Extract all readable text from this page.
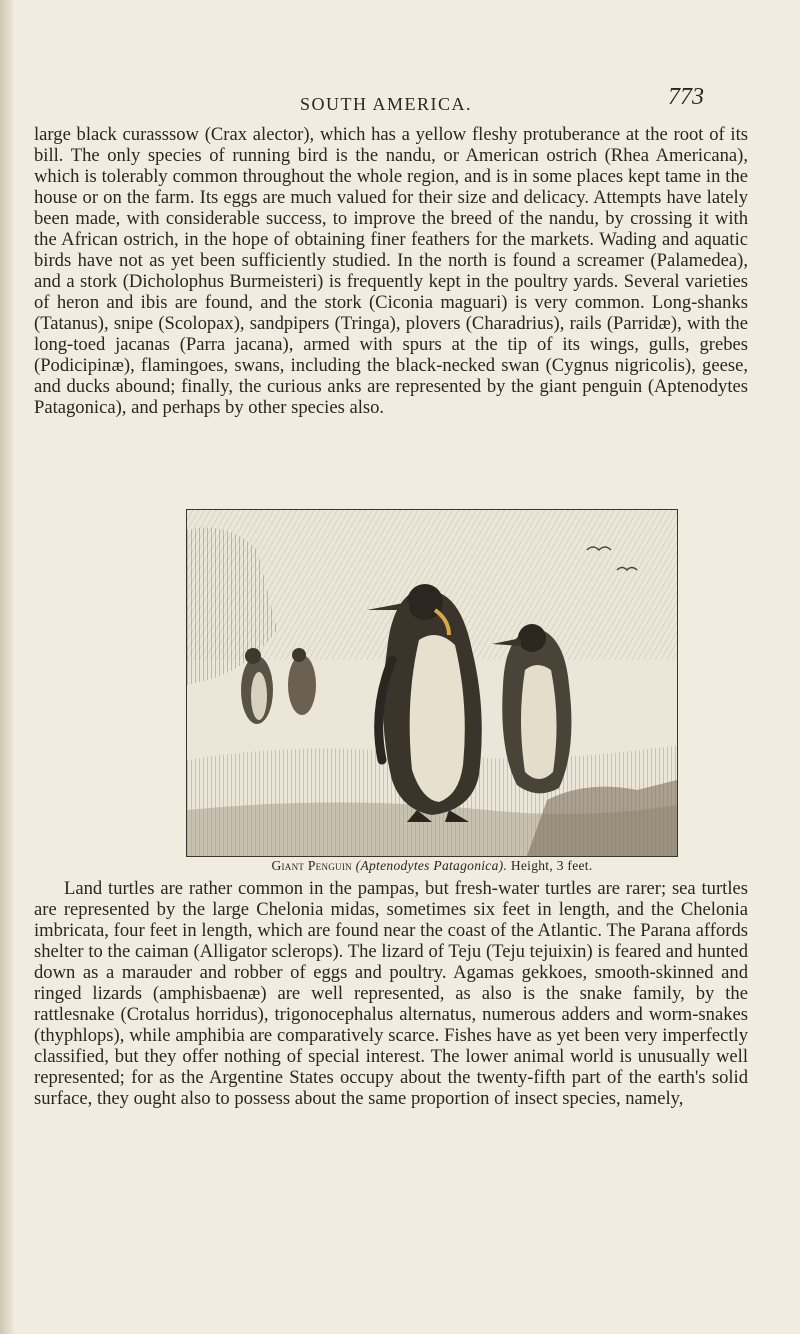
SOUTH AMERICA.	773

large black curasssow (Crax alector), which has a yellow fleshy protuberance at the root of its bill. The only species of running bird is the nandu, or American ostrich (Rhea Americana), which is tolerably common throughout the whole region, and is in some places kept tame in the house or on the farm. Its eggs are much valued for their size and delicacy. Attempts have lately been made, with considerable success, to improve the breed of the nandu, by crossing it with the African ostrich, in the hope of obtaining finer feathers for the markets. Wading and aquatic birds have not as yet been sufficiently studied. In the north is found a screamer (Palamedea), and a stork (Dicholophus Burmeisteri) is frequently kept in the poultry yards. Several varieties of heron and ibis are found, and the stork (Ciconia maguari) is very common. Long-shanks (Tatanus), snipe (Scolopax), sandpipers (Tringa), plovers (Charadrius), rails (Parridæ), with the long-toed jacanas (Parra jacana), armed with spurs at the tip of its wings, gulls, grebes (Podicipinæ), flamingoes, swans, including the black-necked swan (Cygnus nigricolis), geese, and ducks abound; finally, the curious anks are represented by the giant penguin (Aptenodytes Patagonica), and perhaps by other species also.

Giant Penguin (Aptenodytes Patagonica). Height, 3 feet.

Land turtles are rather common in the pampas, but fresh-water turtles are rarer; sea turtles are represented by the large Chelonia midas, sometimes six feet in length, and the Chelonia imbricata, four feet in length, which are found near the coast of the Atlantic. The Parana affords shelter to the caiman (Alligator sclerops). The lizard of Teju (Teju tejuixin) is feared and hunted down as a marauder and robber of eggs and poultry. Agamas gekkoes, smooth-skinned and ringed lizards (amphisbaenæ) are well represented, as also is the snake family, by the rattlesnake (Crotalus horridus), trigonocephalus alternatus, numerous adders and worm-snakes (thyphlops), while amphibia are comparatively scarce. Fishes have as yet been very imperfectly classified, but they offer nothing of special interest. The lower animal world is unusually well represented; for as the Argentine States occupy about the twenty-fifth part of the earth's solid surface, they ought also to possess about the same proportion of insect species, namely,
